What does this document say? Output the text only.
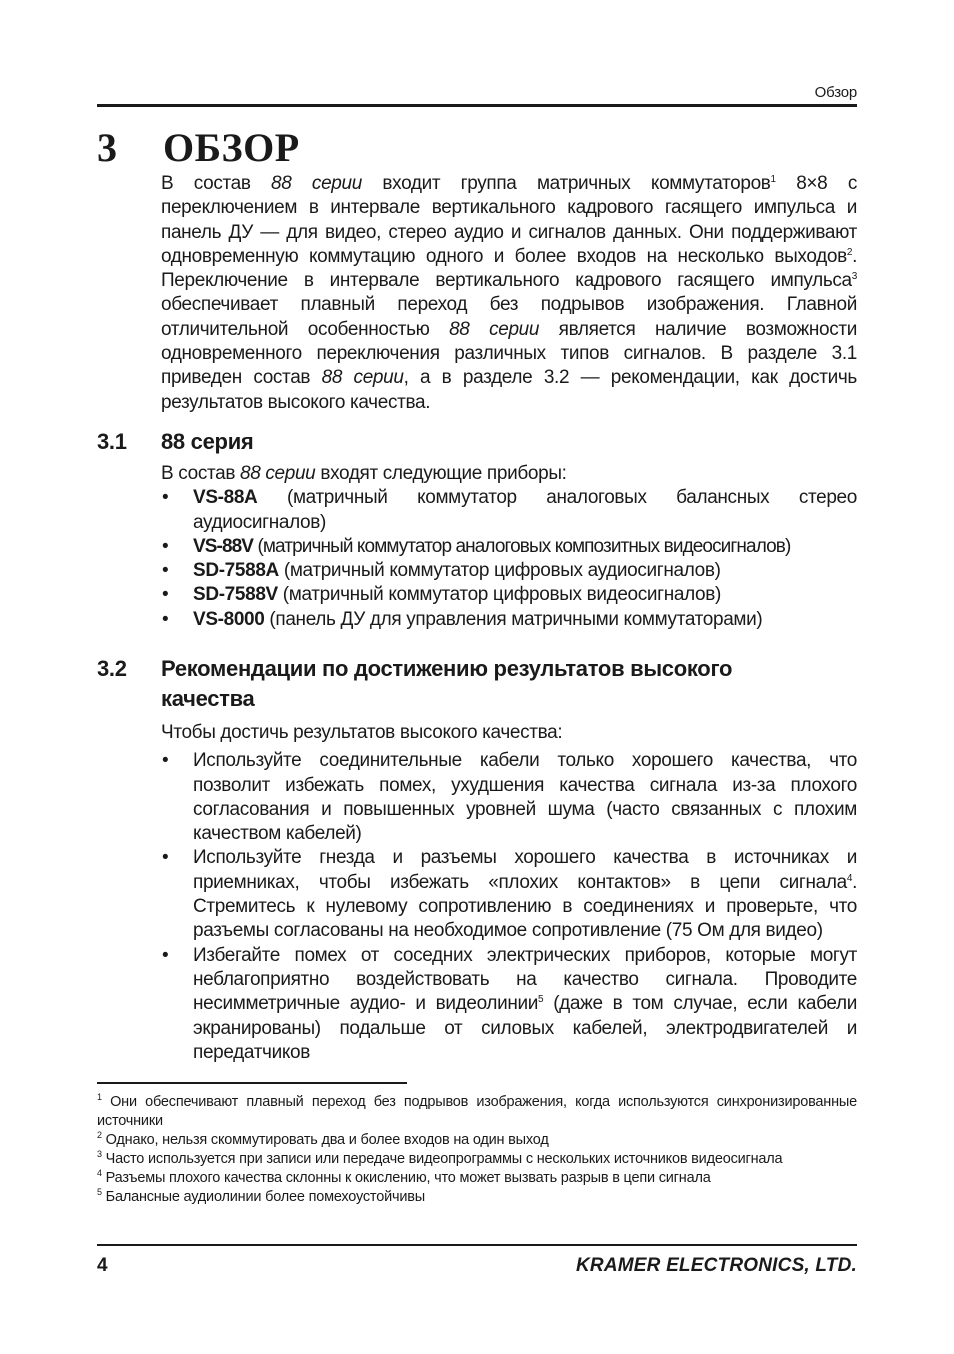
Обзор
3 ОБЗОР
В состав 88 серии входит группа матричных коммутаторов$^1$ 8×8 с переключением в интервале вертикального кадрового гасящего импульса и панель ДУ — для видео, стерео аудио и сигналов данных. Они поддерживают одновременную коммутацию одного и более входов на несколько выходов$^2$. Переключение в интервале вертикального кадрового гасящего импульса$^3$ обеспечивает плавный переход без подрывов изображения. Главной отличительной особенностью 88 серии является наличие возможности одновременного переключения различных типов сигналов. В разделе 3.1 приведен состав 88 серии, а в разделе 3.2 — рекомендации, как достичь результатов высокого качества.
3.1 88 серия
В состав 88 серии входят следующие приборы:
• VS-88A (матричный коммутатор аналоговых балансных стерео аудиосигналов)
• VS-88V (матричный коммутатор аналоговых композитных видеосигналов)
• SD-7588A (матричный коммутатор цифровых аудиосигналов)
• SD-7588V (матричный коммутатор цифровых видеосигналов)
• VS-8000 (панель ДУ для управления матричными коммутаторами)
3.2 Рекомендации по достижению результатов высокого
качества
Чтобы достичь результатов высокого качества:
• Используйте соединительные кабели только хорошего качества, что позволит избежать помех, ухудшения качества сигнала из-за плохого согласования и повышенных уровней шума (часто связанных с плохим качеством кабелей)
• Используйте гнезда и разъемы хорошего качества в источниках и приемниках, чтобы избежать «плохих контактов» в цепи сигнала$^4$. Стремитесь к нулевому сопротивлению в соединениях и проверьте, что разъемы согласованы на необходимое сопротивление (75 Ом для видео)
• Избегайте помех от соседних электрических приборов, которые могут неблагоприятно воздействовать на качество сигнала. Проводите несимметричные аудио- и видеолинии$^5$ (даже в том случае, если кабели экранированы) подальше от силовых кабелей, электродвигателей и передатчиков

$^1$ Они обеспечивают плавный переход без подрывов изображения, когда используются синхронизированные источники

$^2$ Однако, нельзя скоммутировать два и более входов на один выход

$^3$ Часто используется при записи или передаче видеопрограммы с нескольких источников видеосигнала

$^4$ Разъемы плохого качества склонны к окислению, что может вызвать разрыв в цепи сигнала

$^5$ Балансные аудиолинии более помехоустойчивы

4	KRAMER ELECTRONICS, LTD.
